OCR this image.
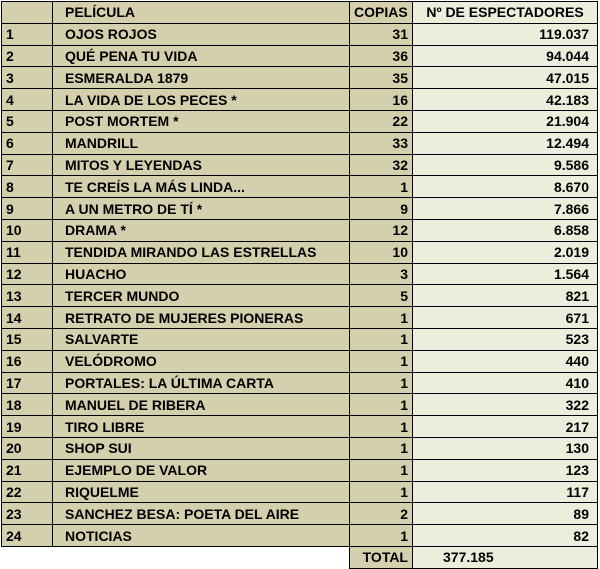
	PELÍCULA	COPIAS	Nº DE ESPECTADORES
1	OJOS ROJOS	31	119.037
2	QUÉ PENA TU VIDA	36	94.044
3	ESMERALDA 1879	35	47.015
4	LA VIDA DE LOS PECES *	16	42.183
5	POST MORTEM *	22	21.904
6	MANDRILL	33	12.494
7	MITOS Y LEYENDAS	32	9.586
8	TE CREÍS LA MÁS LINDA...	1	8.670
9	A UN METRO DE TÍ *	9	7.866
10	DRAMA *	12	6.858
11	TENDIDA MIRANDO LAS ESTRELLAS	10	2.019
12	HUACHO	3	1.564
13	TERCER MUNDO	5	821
14	RETRATO DE MUJERES PIONERAS	1	671
15	SALVARTE	1	523
16	VELÓDROMO	1	440
17	PORTALES: LA ÚLTIMA CARTA	1	410
18	MANUEL DE RIBERA	1	322
19	TIRO LIBRE	1	217
20	SHOP SUI	1	130
21	EJEMPLO DE VALOR	1	123
22	RIQUELME	1	117
23	SANCHEZ BESA: POETA DEL AIRE	2	89
24	NOTICIAS	1	82
		TOTAL	377.185
